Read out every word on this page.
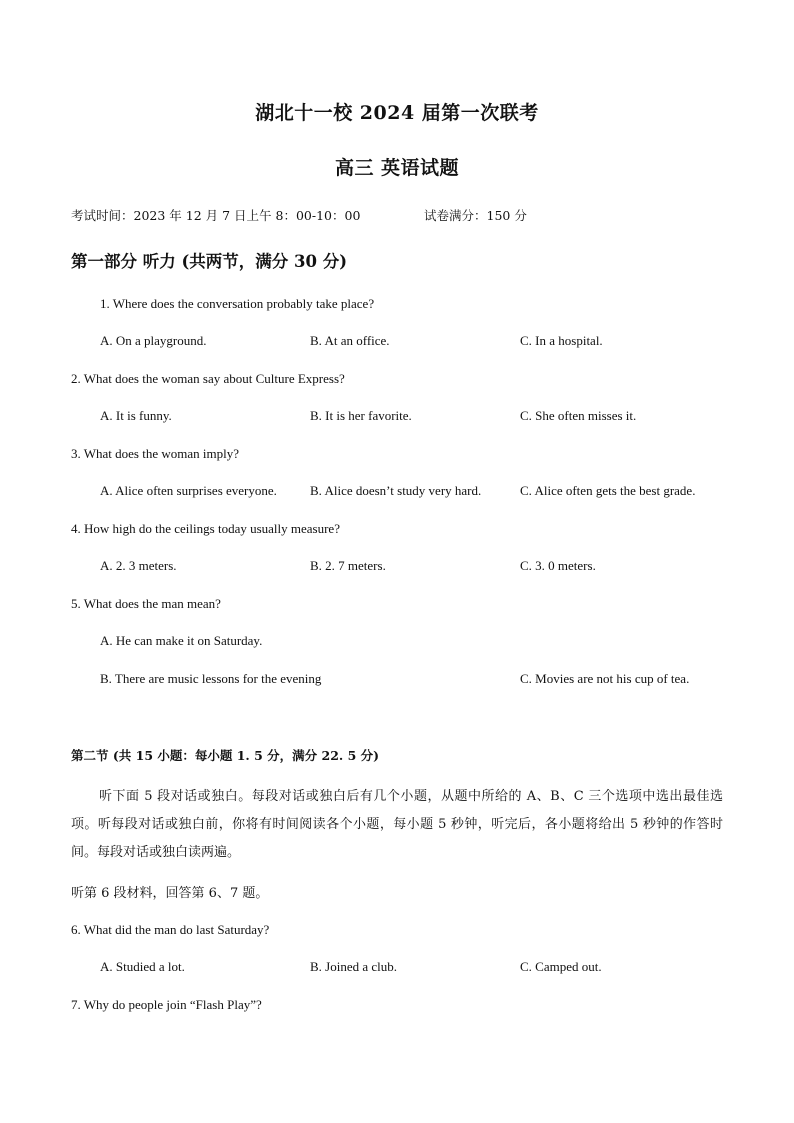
湖北十一校 2024 届第一次联考
高三 英语试题
考试时间：2023 年 12 月 7 日上午 8：00-10：00	试卷满分：150 分
第一部分 听力 (共两节，满分 30 分)
1. Where does the conversation probably take place?
A. On a playground.	B. At an office.	C. In a hospital.
2. What does the woman say about Culture Express?
A. It is funny.	B. It is her favorite.	C. She often misses it.
3. What does the woman imply?
A. Alice often surprises everyone.	B. Alice doesn’t study very hard.	C. Alice often gets the best grade.
4. How high do the ceilings today usually measure?
A. 2. 3 meters.	B. 2. 7 meters.	C. 3. 0 meters.
5. What does the man mean?
A. He can make it on Saturday.
B. There are music lessons for the evening	C. Movies are not his cup of tea.
第二节 (共 15 小题：每小题 1. 5 分，满分 22. 5 分)
听下面 5 段对话或独白。每段对话或独白后有几个小题，从题中所给的 A、B、C 三个选项中选出最佳选项。听每段对话或独白前，你将有时间阅读各个小题，每小题 5 秒钟，听完后，各小题将给出 5 秒钟的作答时间。每段对话或独白读两遍。
听第 6 段材料，回答第 6、7 题。
6. What did the man do last Saturday?
A. Studied a lot.	B. Joined a club.	C. Camped out.
7. Why do people join “Flash Play”?
